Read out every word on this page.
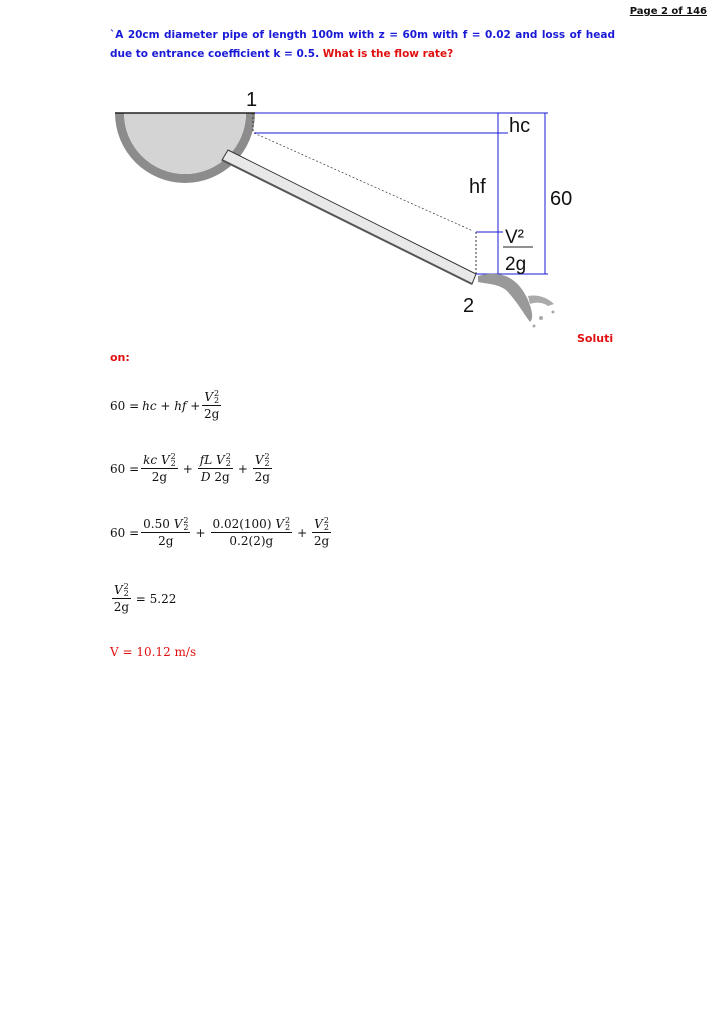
Page 2 of 146
`A 20cm diameter pipe of length 100m with z = 60m with f = 0.02 and loss of head due to entrance coefficient k = 0.5. What is the flow rate?
1
2
hc
hf
60
V²
2g
Soluti
on:
60 = hc + hf + V 2
2
2g
60 = kc V 2
2
2g + fL V 2
2
D 2g + V 2
2
2g
60 = 0.50 V 2
2
2g + 0.02(100) V 2
2
0.2(2)g + V 2
2
2g
V 2
2
2g = 5.22
V = 10.12 m/s
